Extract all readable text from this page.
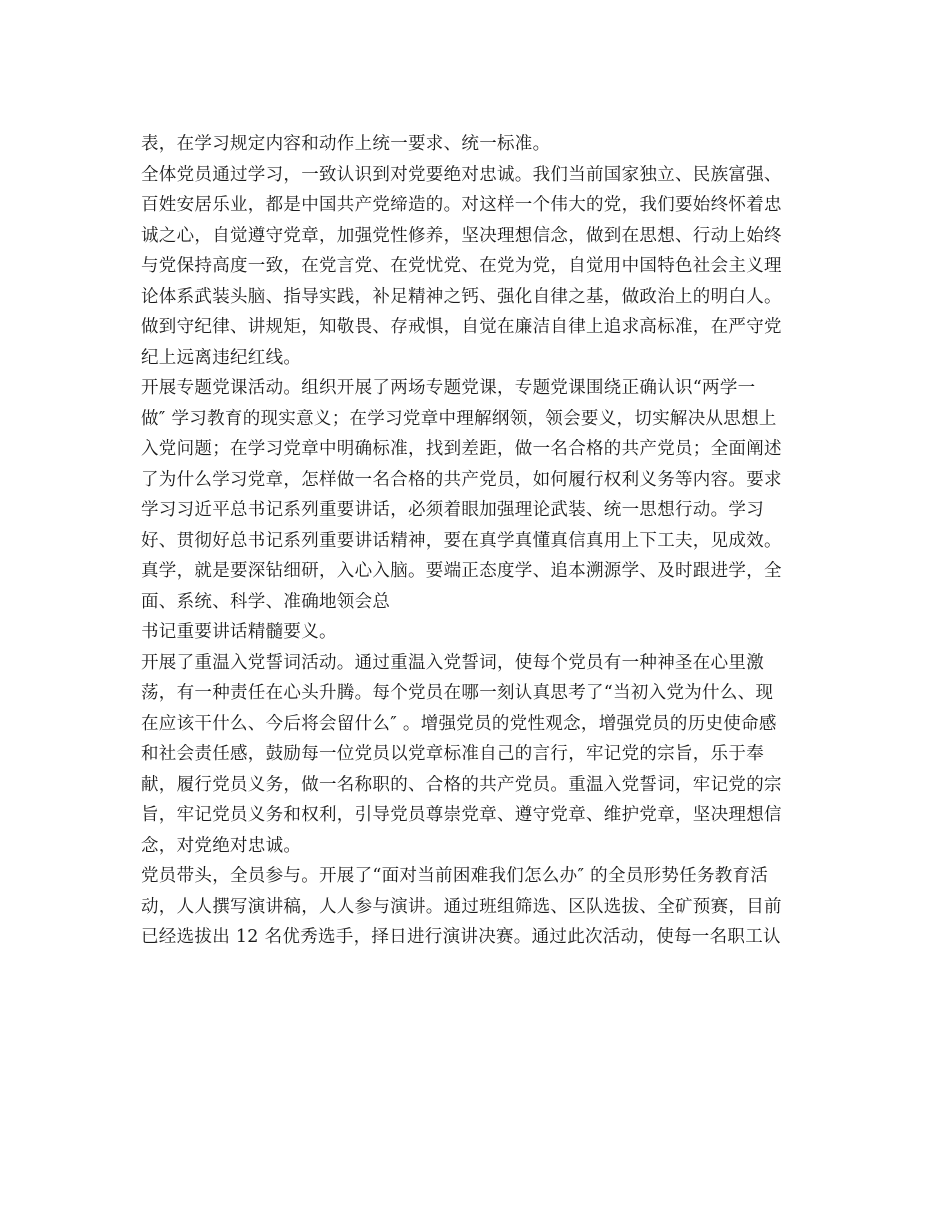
表，在学习规定内容和动作上统一要求、统一标准。
全体党员通过学习，一致认识到对党要绝对忠诚。我们当前国家独立、民族富强、
百姓安居乐业，都是中国共产党缔造的。对这样一个伟大的党，我们要始终怀着忠
诚之心，自觉遵守党章，加强党性修养，坚决理想信念，做到在思想、行动上始终
与党保持高度一致，在党言党、在党忧党、在党为党，自觉用中国特色社会主义理
论体系武装头脑、指导实践，补足精神之钙、强化自律之基，做政治上的明白人。
做到守纪律、讲规矩，知敬畏、存戒惧，自觉在廉洁自律上追求高标准，在严守党
纪上远离违纪红线。
开展专题党课活动。组织开展了两场专题党课，专题党课围绕正确认识“两学一
做″ 学习教育的现实意义；在学习党章中理解纲领，领会要义，切实解决从思想上
入党问题；在学习党章中明确标准，找到差距，做一名合格的共产党员；全面阐述
了为什么学习党章，怎样做一名合格的共产党员，如何履行权利义务等内容。要求
学习习近平总书记系列重要讲话，必须着眼加强理论武装、统一思想行动。学习
好、贯彻好总书记系列重要讲话精神，要在真学真懂真信真用上下工夫，见成效。
真学，就是要深钻细研，入心入脑。要端正态度学、追本溯源学、及时跟进学，全
面、系统、科学、准确地领会总
书记重要讲话精髓要义。
开展了重温入党誓词活动。通过重温入党誓词，使每个党员有一种神圣在心里激
荡，有一种责任在心头升腾。每个党员在哪一刻认真思考了“当初入党为什么、现
在应该干什么、今后将会留什么″ 。增强党员的党性观念，增强党员的历史使命感
和社会责任感，鼓励每一位党员以党章标准自己的言行，牢记党的宗旨，乐于奉
献，履行党员义务，做一名称职的、合格的共产党员。重温入党誓词，牢记党的宗
旨，牢记党员义务和权利，引导党员尊崇党章、遵守党章、维护党章，坚决理想信
念，对党绝对忠诚。
党员带头，全员参与。开展了“面对当前困难我们怎么办″ 的全员形势任务教育活
动，人人撰写演讲稿，人人参与演讲。通过班组筛选、区队选拔、全矿预赛，目前
已经选拔出 12 名优秀选手，择日进行演讲决赛。通过此次活动，使每一名职工认
